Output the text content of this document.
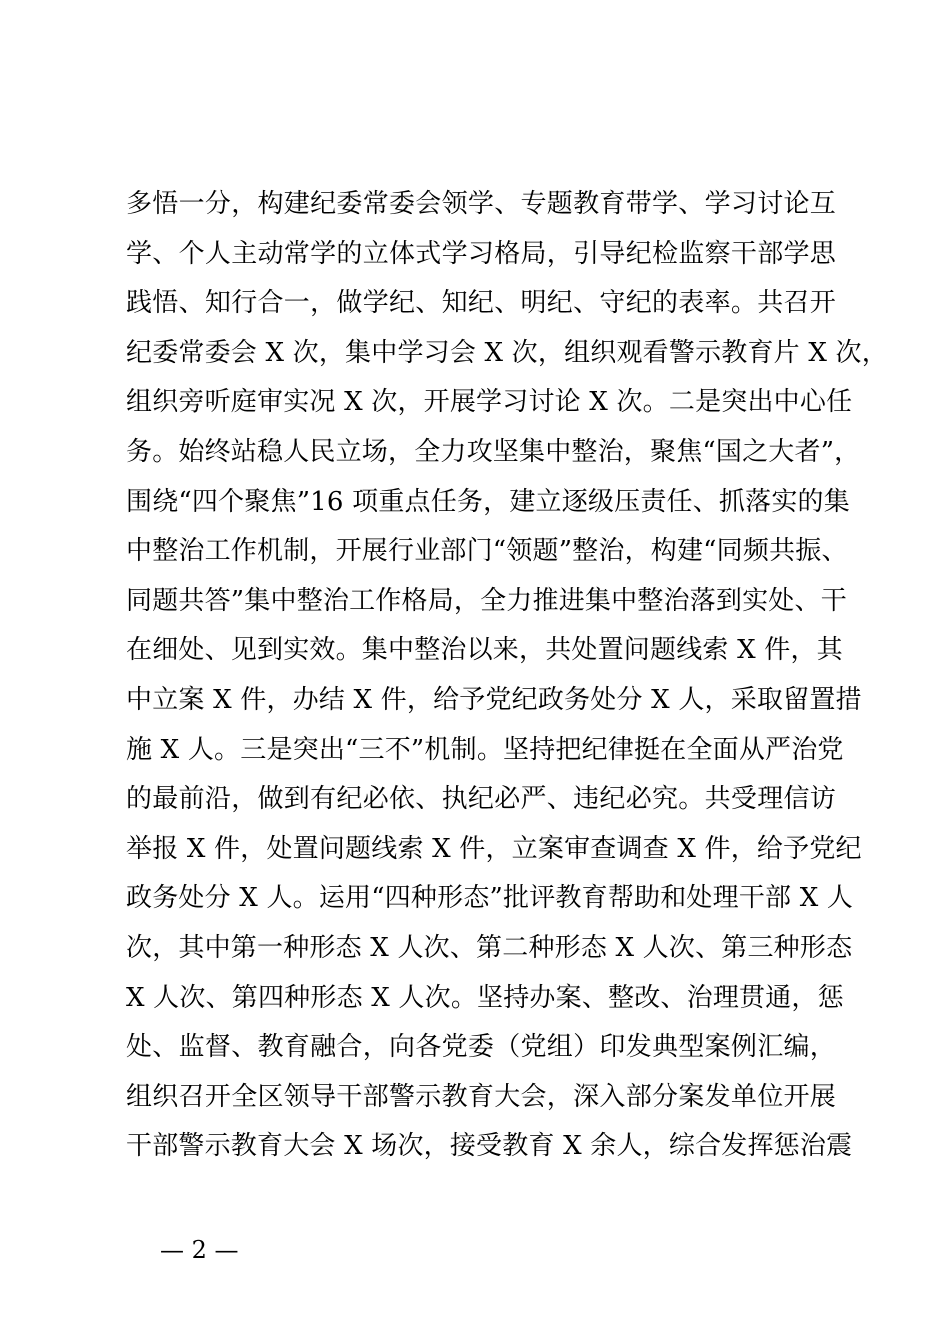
多悟一分，构建纪委常委会领学、专题教育带学、学习讨论互
学、个人主动常学的立体式学习格局，引导纪检监察干部学思
践悟、知行合一，做学纪、知纪、明纪、守纪的表率。共召开
纪委常委会 X 次，集中学习会 X 次，组织观看警示教育片 X 次，
组织旁听庭审实况 X 次，开展学习讨论 X 次。二是突出中心任
务。始终站稳人民立场，全力攻坚集中整治，聚焦“国之大者”，
围绕“四个聚焦”16 项重点任务，建立逐级压责任、抓落实的集
中整治工作机制，开展行业部门“领题”整治，构建“同频共振、
同题共答”集中整治工作格局，全力推进集中整治落到实处、干
在细处、见到实效。集中整治以来，共处置问题线索 X 件，其
中立案 X 件，办结 X 件，给予党纪政务处分 X 人，采取留置措
施 X 人。三是突出“三不”机制。坚持把纪律挺在全面从严治党
的最前沿，做到有纪必依、执纪必严、违纪必究。共受理信访
举报 X 件，处置问题线索 X 件，立案审查调查 X 件，给予党纪
政务处分 X 人。运用“四种形态”批评教育帮助和处理干部 X 人
次，其中第一种形态 X 人次、第二种形态 X 人次、第三种形态
X 人次、第四种形态 X 人次。坚持办案、整改、治理贯通，惩
处、监督、教育融合，向各党委（党组）印发典型案例汇编，
组织召开全区领导干部警示教育大会，深入部分案发单位开展
干部警示教育大会 X 场次，接受教育 X 余人，综合发挥惩治震
— 2 —
